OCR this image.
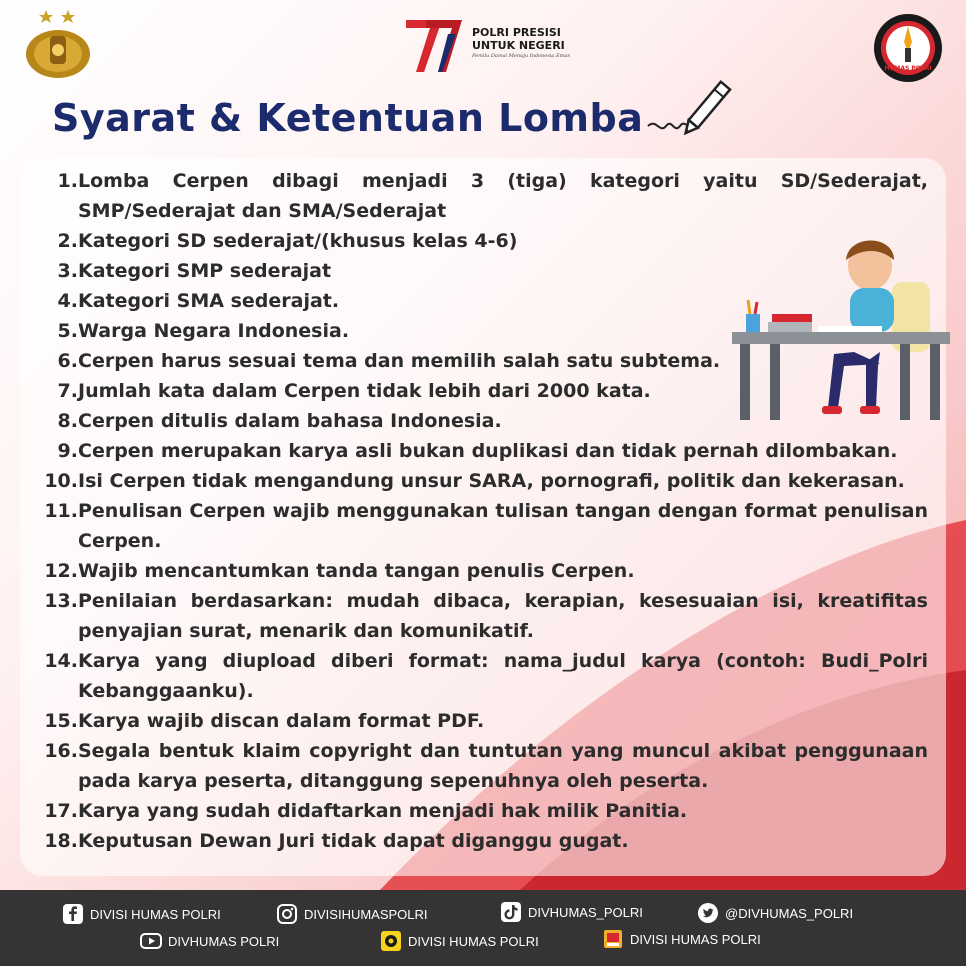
POLRI PRESISI
UNTUK NEGERI
Pemilu Damai Menuju Indonesia Emas
HUMAS POLRI
Syarat & Ketentuan Lomba
1. Lomba Cerpen dibagi menjadi 3 (tiga) kategori yaitu SD/Sederajat, SMP/Sederajat dan SMA/Sederajat
2. Kategori SD sederajat/(khusus kelas 4-6)
3. Kategori SMP sederajat
4. Kategori SMA sederajat.
5. Warga Negara Indonesia.
6. Cerpen harus sesuai tema dan memilih salah satu subtema.
7. Jumlah kata dalam Cerpen tidak lebih dari 2000 kata.
8. Cerpen ditulis dalam bahasa Indonesia.
9. Cerpen merupakan karya asli bukan duplikasi dan tidak pernah dilombakan.
10. Isi Cerpen tidak mengandung unsur SARA, pornografi, politik dan kekerasan.
11. Penulisan Cerpen wajib menggunakan tulisan tangan dengan format penulisan Cerpen.
12. Wajib mencantumkan tanda tangan penulis Cerpen.
13. Penilaian berdasarkan: mudah dibaca, kerapian, kesesuaian isi, kreatifitas penyajian surat, menarik dan komunikatif.
14. Karya yang diupload diberi format: nama_judul karya (contoh: Budi_Polri Kebanggaanku).
15. Karya wajib discan dalam format PDF.
16. Segala bentuk klaim copyright dan tuntutan yang muncul akibat penggunaan pada karya peserta, ditanggung sepenuhnya oleh peserta.
17. Karya yang sudah didaftarkan menjadi hak milik Panitia.
18. Keputusan Dewan Juri tidak dapat diganggu gugat.
DIVISI HUMAS POLRI	DIVISIHUMASPOLRI	DIVHUMAS_POLRI	@DIVHUMAS_POLRI
DIVHUMAS POLRI	DIVISI HUMAS POLRI	DIVISI HUMAS POLRI
